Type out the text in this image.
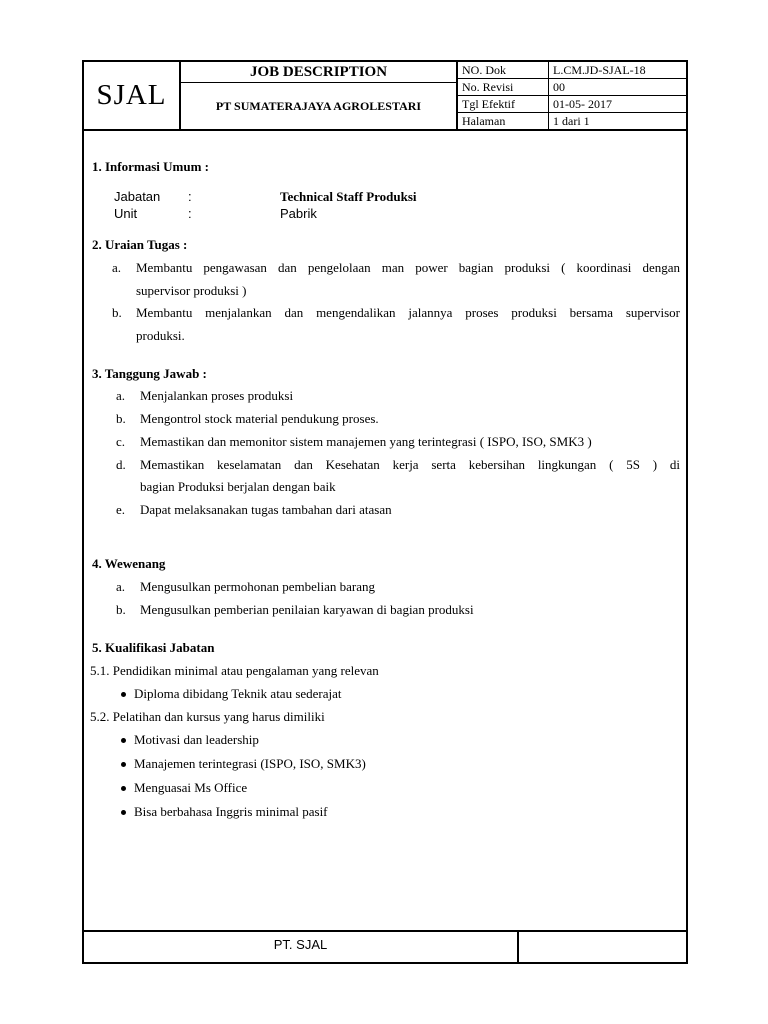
SJAL
JOB DESCRIPTION
PT SUMATERAJAYA AGROLESTARI
NO. Dok	L.CM.JD-SJAL-18
No. Revisi	00
Tgl Efektif	01-05- 2017
Halaman	1 dari 1
1. Informasi Umum :
Jabatan :	Technical Staff Produksi
Unit	:	Pabrik
2. Uraian Tugas :
a. Membantu pengawasan dan pengelolaan man power bagian produksi ( koordinasi dengan
supervisor produksi )
b. Membantu menjalankan dan mengendalikan jalannya proses produksi bersama supervisor
produksi.
3. Tanggung Jawab :
a. Menjalankan proses produksi
b. Mengontrol stock material pendukung proses.
c. Memastikan dan memonitor sistem manajemen yang terintegrasi ( ISPO, ISO, SMK3 )
d. Memastikan keselamatan dan Kesehatan kerja serta kebersihan lingkungan ( 5S ) di
bagian Produksi berjalan dengan baik
e. Dapat melaksanakan tugas tambahan dari atasan
4. Wewenang
a. Mengusulkan permohonan pembelian barang
b. Mengusulkan pemberian penilaian karyawan di bagian produksi
5. Kualifikasi Jabatan
5.1. Pendidikan minimal atau pengalaman yang relevan
Diploma dibidang Teknik atau sederajat
5.2. Pelatihan dan kursus yang harus dimiliki
Motivasi dan leadership
Manajemen terintegrasi (ISPO, ISO, SMK3)
Menguasai Ms Office
Bisa berbahasa Inggris minimal pasif
PT. SJAL
